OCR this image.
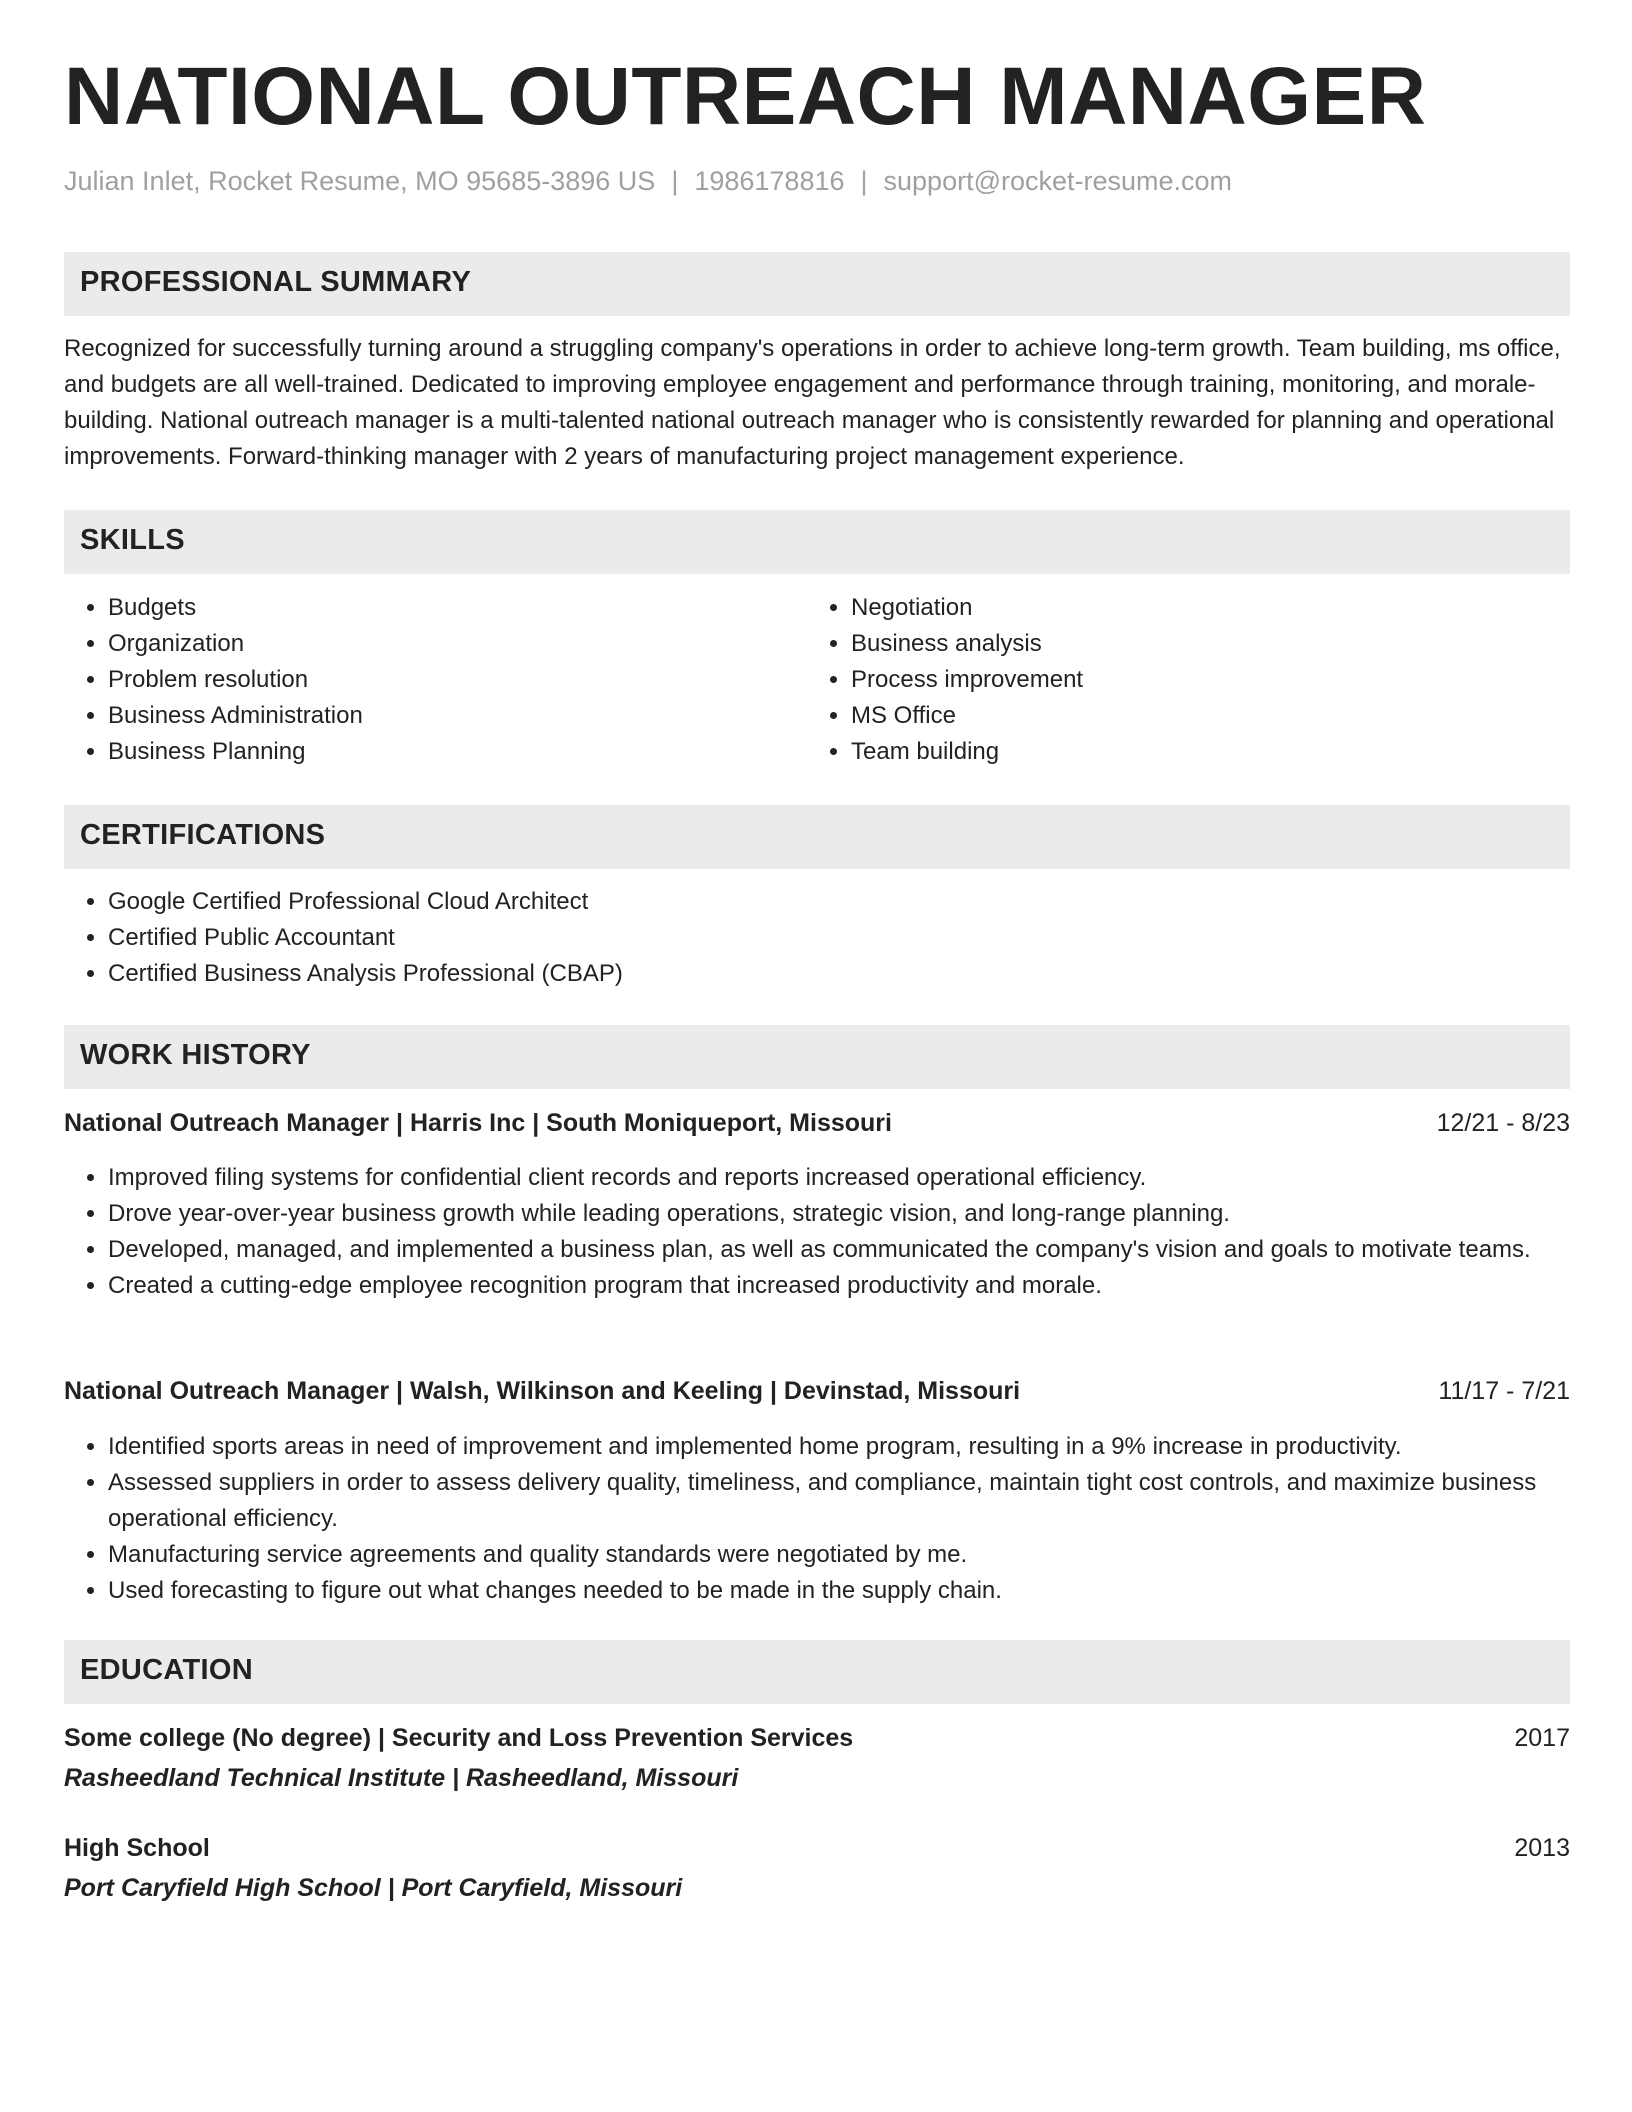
NATIONAL OUTREACH MANAGER
Julian Inlet, Rocket Resume, MO 95685-3896 US | 1986178816 | support@rocket-resume.com
PROFESSIONAL SUMMARY
Recognized for successfully turning around a struggling company's operations in order to achieve long-term growth. Team building, ms office, and budgets are all well-trained. Dedicated to improving employee engagement and performance through training, monitoring, and morale-building. National outreach manager is a multi-talented national outreach manager who is consistently rewarded for planning and operational improvements. Forward-thinking manager with 2 years of manufacturing project management experience.
SKILLS
• Budgets
• Organization
• Problem resolution
• Business Administration
• Business Planning
• Negotiation
• Business analysis
• Process improvement
• MS Office
• Team building
CERTIFICATIONS
• Google Certified Professional Cloud Architect
• Certified Public Accountant
• Certified Business Analysis Professional (CBAP)
WORK HISTORY
National Outreach Manager | Harris Inc | South Moniqueport, Missouri	12/21 - 8/23
• Improved filing systems for confidential client records and reports increased operational efficiency.
• Drove year-over-year business growth while leading operations, strategic vision, and long-range planning.
• Developed, managed, and implemented a business plan, as well as communicated the company's vision and goals to motivate teams.
• Created a cutting-edge employee recognition program that increased productivity and morale.
National Outreach Manager | Walsh, Wilkinson and Keeling | Devinstad, Missouri	11/17 - 7/21
• Identified sports areas in need of improvement and implemented home program, resulting in a 9% increase in productivity.
• Assessed suppliers in order to assess delivery quality, timeliness, and compliance, maintain tight cost controls, and maximize business operational efficiency.
• Manufacturing service agreements and quality standards were negotiated by me.
• Used forecasting to figure out what changes needed to be made in the supply chain.
EDUCATION
Some college (No degree) | Security and Loss Prevention Services	2017
Rasheedland Technical Institute | Rasheedland, Missouri
High School	2013
Port Caryfield High School | Port Caryfield, Missouri
